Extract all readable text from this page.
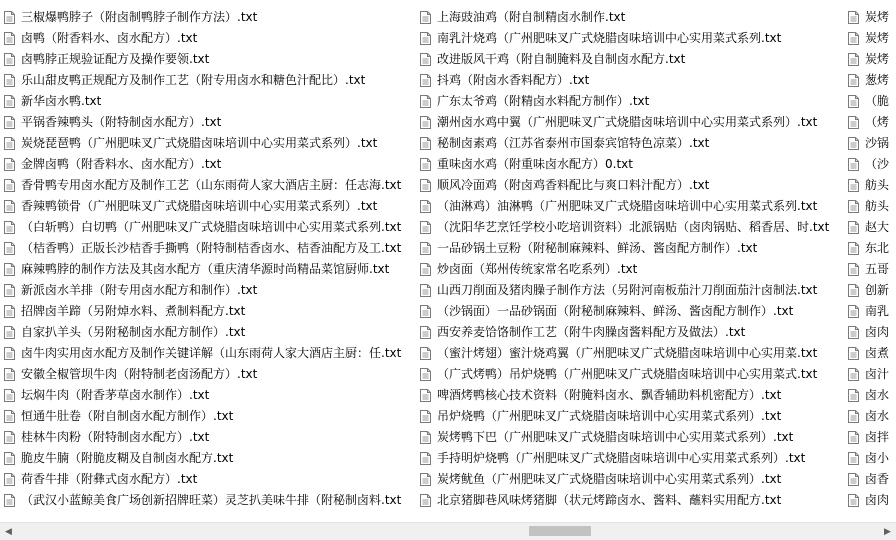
三椒爆鸭脖子（附卤制鸭脖子制作方法）.txt
卤鸭（附香料水、卤水配方）.txt
卤鸭脖正规验证配方及操作要领.txt
乐山甜皮鸭正规配方及制作工艺（附专用卤水和糖色汁配比）.txt
新华卤水鸭.txt
平锅香辣鸭头（附特制卤水配方）.txt
炭烧琵琶鸭（广州肥味叉广式烧腊卤味培训中心实用菜式系列）.txt
金牌卤鸭（附香料水、卤水配方）.txt
香骨鸭专用卤水配方及制作工艺（山东雨荷人家大酒店主厨：任志海.txt
香辣鸭锁骨（广州肥味叉广式烧腊卤味培训中心实用菜式系列）.txt
（白斩鸭）白切鸭（广州肥味叉广式烧腊卤味培训中心实用菜式系列.txt
（桔香鸭）正版长沙桔香手撕鸭（附特制桔香卤水、桔香油配方及工.txt
麻辣鸭脖的制作方法及其卤水配方（重庆清华源时尚精品菜馆厨师.txt
新派卤水羊排（附专用卤水配方和制作）.txt
招牌卤羊蹄（另附焯水料、煮制料配方.txt
自家扒羊头（另附秘制卤水配方制作）.txt
卤牛肉实用卤水配方及制作关键详解（山东雨荷人家大酒店主厨：任.txt
安徽全椒管坝牛肉（附特制老卤汤配方）.txt
坛焖牛肉（附香茅草卤水制作）.txt
恒通牛肚卷（附自制卤水配方制作）.txt
桂林牛肉粉（附特制卤水配方）.txt
脆皮牛腩（附脆皮糊及自制卤水配方.txt
荷香牛排（附彝式卤水配方）.txt
（武汉小蓝鲸美食广场创新招牌旺菜）灵芝扒美味牛排（附秘制卤料.txt
上海豉油鸡（附自制精卤水制作.txt
南乳汁烧鸡（广州肥味叉广式烧腊卤味培训中心实用菜式系列.txt
改进版风干鸡（附自制腌料及自制卤水配方.txt
抖鸡（附卤水香料配方）.txt
广东太爷鸡（附精卤水料配方制作）.txt
潮州卤水鸡中翼（广州肥味叉广式烧腊卤味培训中心实用菜式系列）.txt
秘制卤素鸡（江苏省泰州市国泰宾馆特色凉菜）.txt
重味卤水鸡（附重味卤水配方）0.txt
顺风冷面鸡（附卤鸡香料配比与爽口料汁配方）.txt
（油淋鸡）油淋鸭（广州肥味叉广式烧腊卤味培训中心实用菜式系列.txt
（沈阳华艺烹饪学校小吃培训资料）北派锅贴（卤肉锅贴、稻香居、时.txt
一品砂锅土豆粉（附秘制麻辣料、鲜汤、酱卤配方制作）.txt
炒卤面（郑州传统家常名吃系列）.txt
山西刀削面及猪肉臊子制作方法（另附河南板茄汁刀削面茄汁卤制法.txt
（沙锅面）一品砂锅面（附秘制麻辣料、鲜汤、酱卤配方制作）.txt
西安养麦饸饹制作工艺（附牛肉臊卤酱料配方及做法）.txt
（蜜汁烤翅）蜜汁烧鸡翼（广州肥味叉广式烧腊卤味培训中心实用菜.txt
（广式烤鸭）吊炉烧鸭（广州肥味叉广式烧腊卤味培训中心实用菜式.txt
啤酒烤鸭核心技术资料（附腌料卤水、飘香辅助料机密配方）.txt
吊炉烧鸭（广州肥味叉广式烧腊卤味培训中心实用菜式系列）.txt
炭烤鸭下巴（广州肥味叉广式烧腊卤味培训中心实用菜式系列）.txt
手持明炉烧鸭（广州肥味叉广式烧腊卤味培训中心实用菜式系列）.txt
炭烤鱿鱼（广州肥味叉广式烧腊卤味培训中心实用菜式系列）.txt
北京猪脚巷风味烤猪脚（状元烤蹄卤水、酱料、蘸料实用配方.txt
炭烤
炭烤
炭烤
葱烤
（脆
（烤
沙锅
（沙
舫头
舫头
赵大
东北
五哥
创新
南乳
卤肉
卤煮
卤汁
卤水
卤水
卤拌
卤小
卤香
卤肉
◀	▶
